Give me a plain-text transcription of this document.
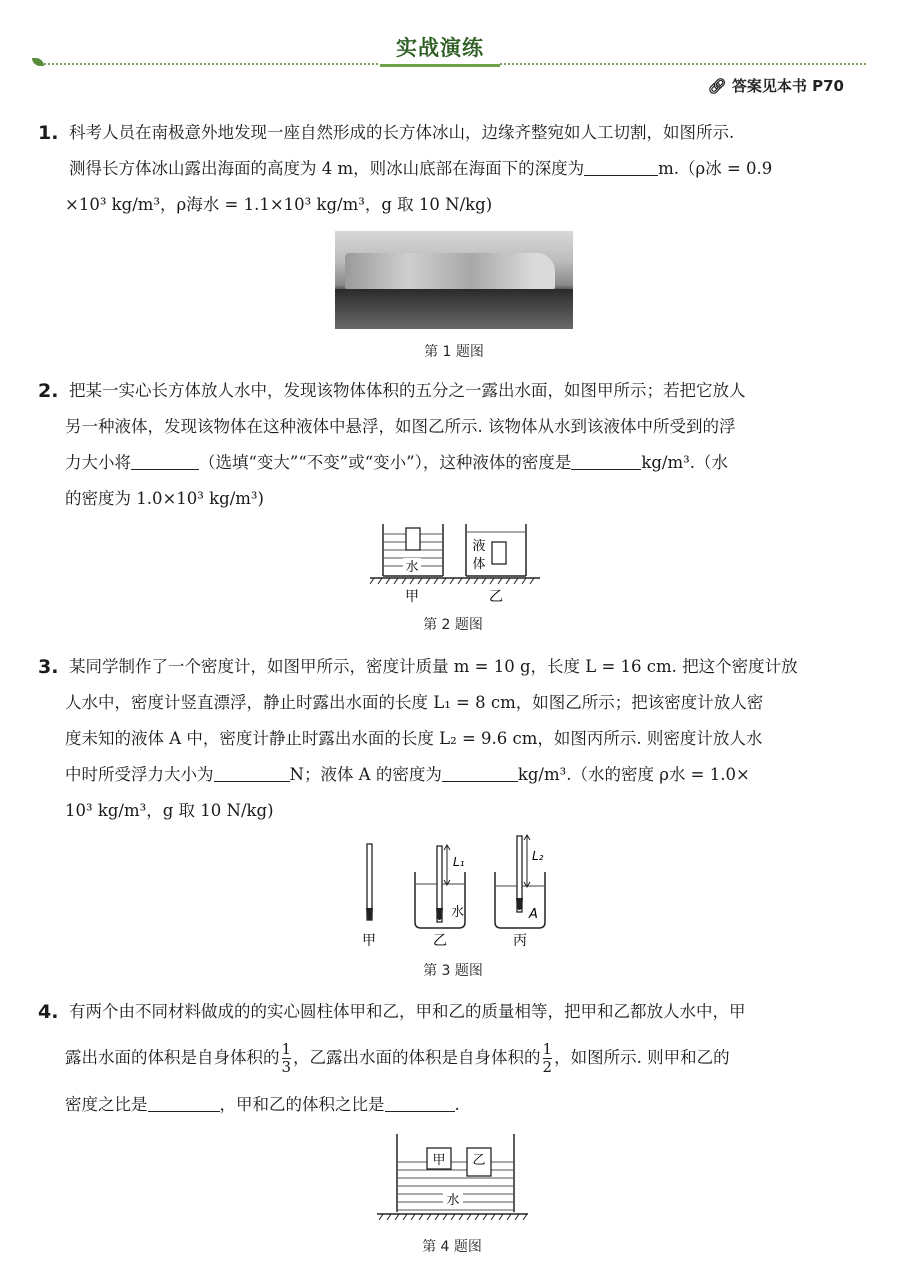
实战演练
🔗︎ 答案见本书 P70
1. 科考人员在南极意外地发现一座自然形成的长方体冰山，边缘齐整宛如人工切割，如图所示.

测得长方体冰山露出海面的高度为 4 m，则冰山底部在海面下的深度为	m.（ρ冰 = 0.9

×10³ kg/m³，ρ海水 = 1.1×10³ kg/m³，g 取 10 N/kg)

第 1 题图
2. 把某一实心长方体放人水中，发现该物体体积的五分之一露出水面，如图甲所示；若把它放人

另一种液体，发现该物体在这种液体中悬浮，如图乙所示. 该物体从水到该液体中所受到的浮

力大小将	（选填“变大”“不变”或“变小”），这种液体的密度是	kg/m³.（水

的密度为 1.0×10³ kg/m³)

水
液
体
甲	乙
第 2 题图
3. 某同学制作了一个密度计，如图甲所示，密度计质量 m = 10 g，长度 L = 16 cm. 把这个密度计放

人水中，密度计竖直漂浮，静止时露出水面的长度 L₁ = 8 cm，如图乙所示；把该密度计放人密

度未知的液体 A 中，密度计静止时露出水面的长度 L₂ = 9.6 cm，如图丙所示. 则密度计放人水

中时所受浮力大小为	N；液体 A 的密度为	kg/m³.（水的密度 ρ水 = 1.0×

10³ kg/m³，g 取 10 N/kg)

甲
L₁
水
乙
L₂
A
丙
第 3 题图
4. 有两个由不同材料做成的的实心圆柱体甲和乙，甲和乙的质量相等，把甲和乙都放人水中，甲

露出水面的体积是自身体积的 $\frac{1}{3}$ ，乙露出水面的体积是自身体积的 $\frac{1}{2}$ ，如图所示. 则甲和乙的

密度之比是	，甲和乙的体积之比是	.

甲 乙
水
第 4 题图
